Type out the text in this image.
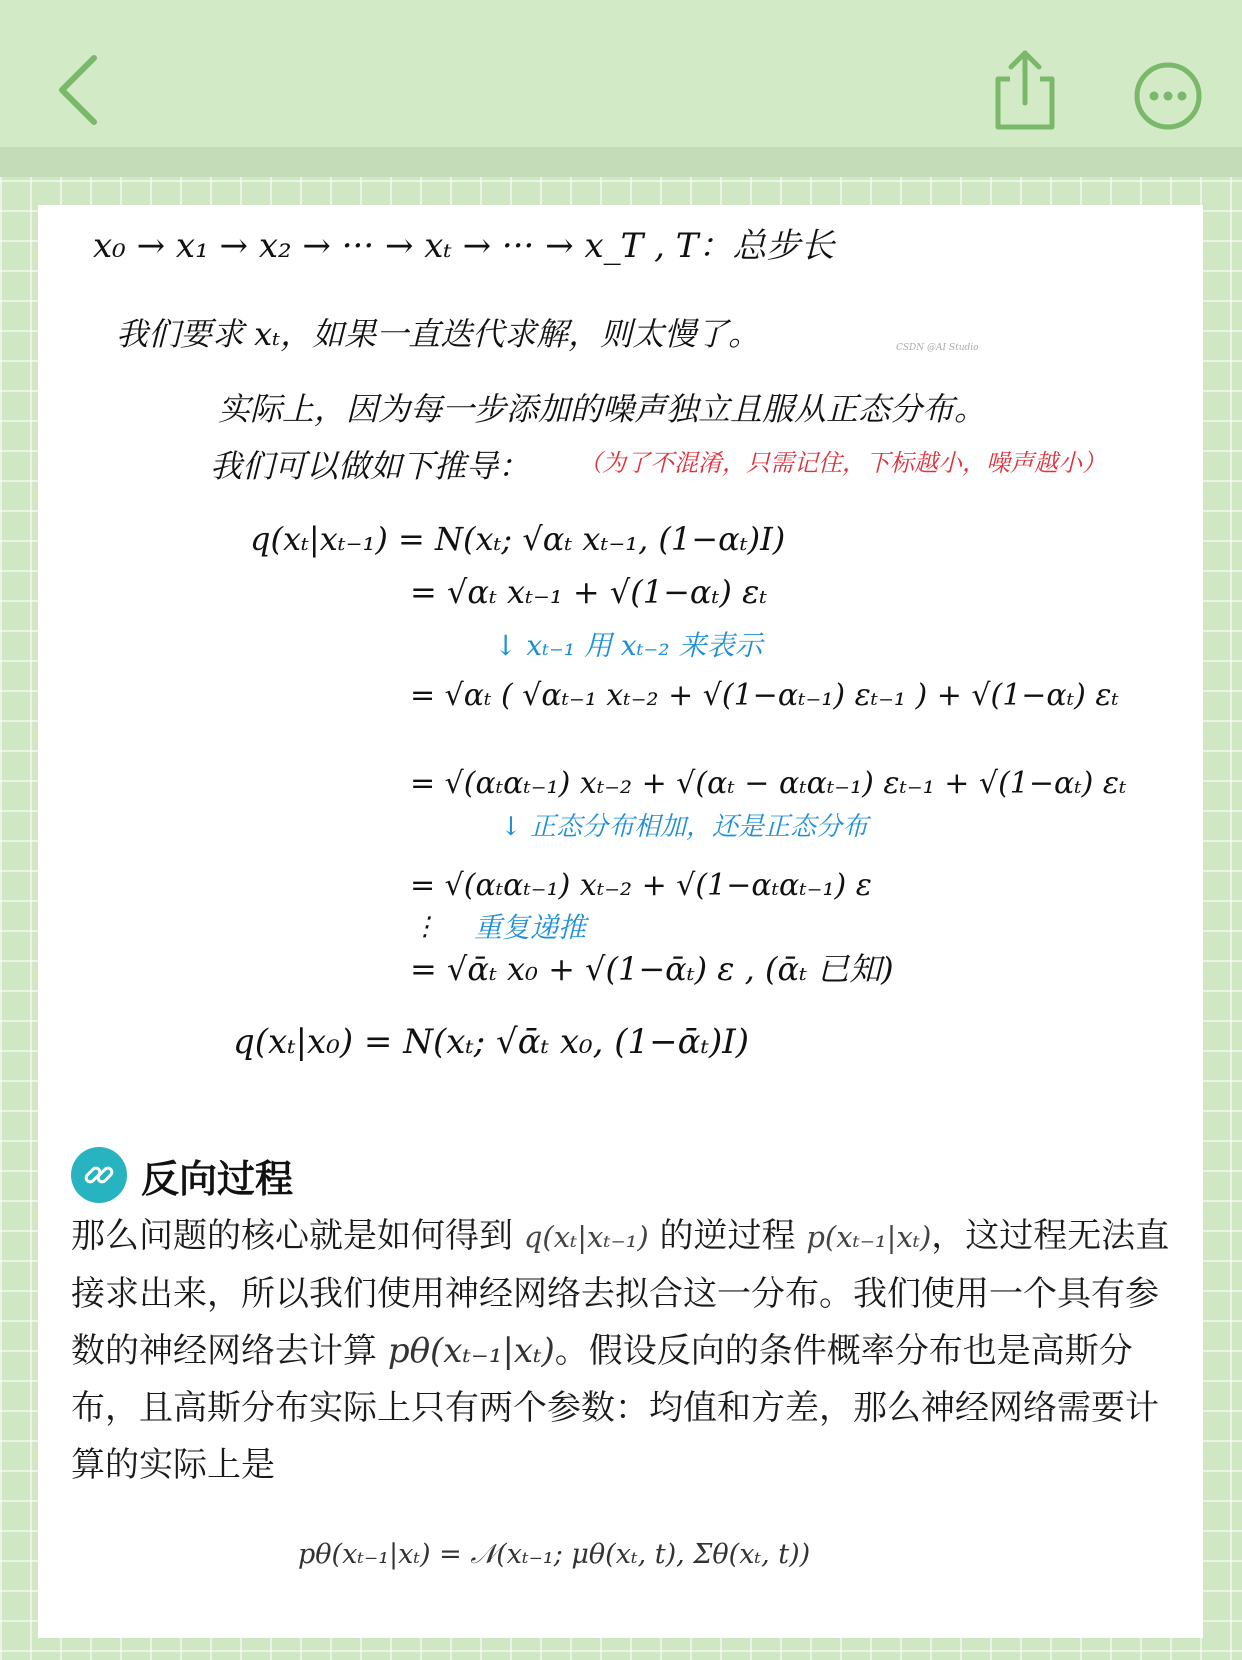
x₀ → x₁ → x₂ → ··· → xₜ → ··· → x_T , T：总步长
我们要求 xₜ，如果一直迭代求解，则太慢了。	CSDN @AI Studio
实际上，因为每一步添加的噪声独立且服从正态分布。
我们可以做如下推导： （为了不混淆，只需记住，下标越小，噪声越小）
q(xₜ|xₜ₋₁) = N(xₜ; √αₜ xₜ₋₁, (1−αₜ)I)
= √αₜ xₜ₋₁ + √(1−αₜ) εₜ
↓ xₜ₋₁ 用 xₜ₋₂ 来表示
= √αₜ ( √αₜ₋₁ xₜ₋₂ + √(1−αₜ₋₁) εₜ₋₁ ) + √(1−αₜ) εₜ
= √(αₜαₜ₋₁) xₜ₋₂ + √(αₜ − αₜαₜ₋₁) εₜ₋₁ + √(1−αₜ) εₜ
↓ 正态分布相加，还是正态分布
= √(αₜαₜ₋₁) xₜ₋₂ + √(1−αₜαₜ₋₁) ε
⋮ 重复递推
= √ᾱₜ x₀ + √(1−ᾱₜ) ε , (ᾱₜ 已知)
q(xₜ|x₀) = N(xₜ; √ᾱₜ x₀, (1−ᾱₜ)I)
反向过程
那么问题的核心就是如何得到 q(xₜ|xₜ₋₁) 的逆过程 p(xₜ₋₁|xₜ)，这过程无法直接求出来，所以我们使用神经网络去拟合这一分布。我们使用一个具有参数的神经网络去计算 pθ(xₜ₋₁|xₜ)。假设反向的条件概率分布也是高斯分布，且高斯分布实际上只有两个参数：均值和方差，那么神经网络需要计算的实际上是
pθ(xₜ₋₁|xₜ) = 𝒩(xₜ₋₁; μθ(xₜ, t), Σθ(xₜ, t))
